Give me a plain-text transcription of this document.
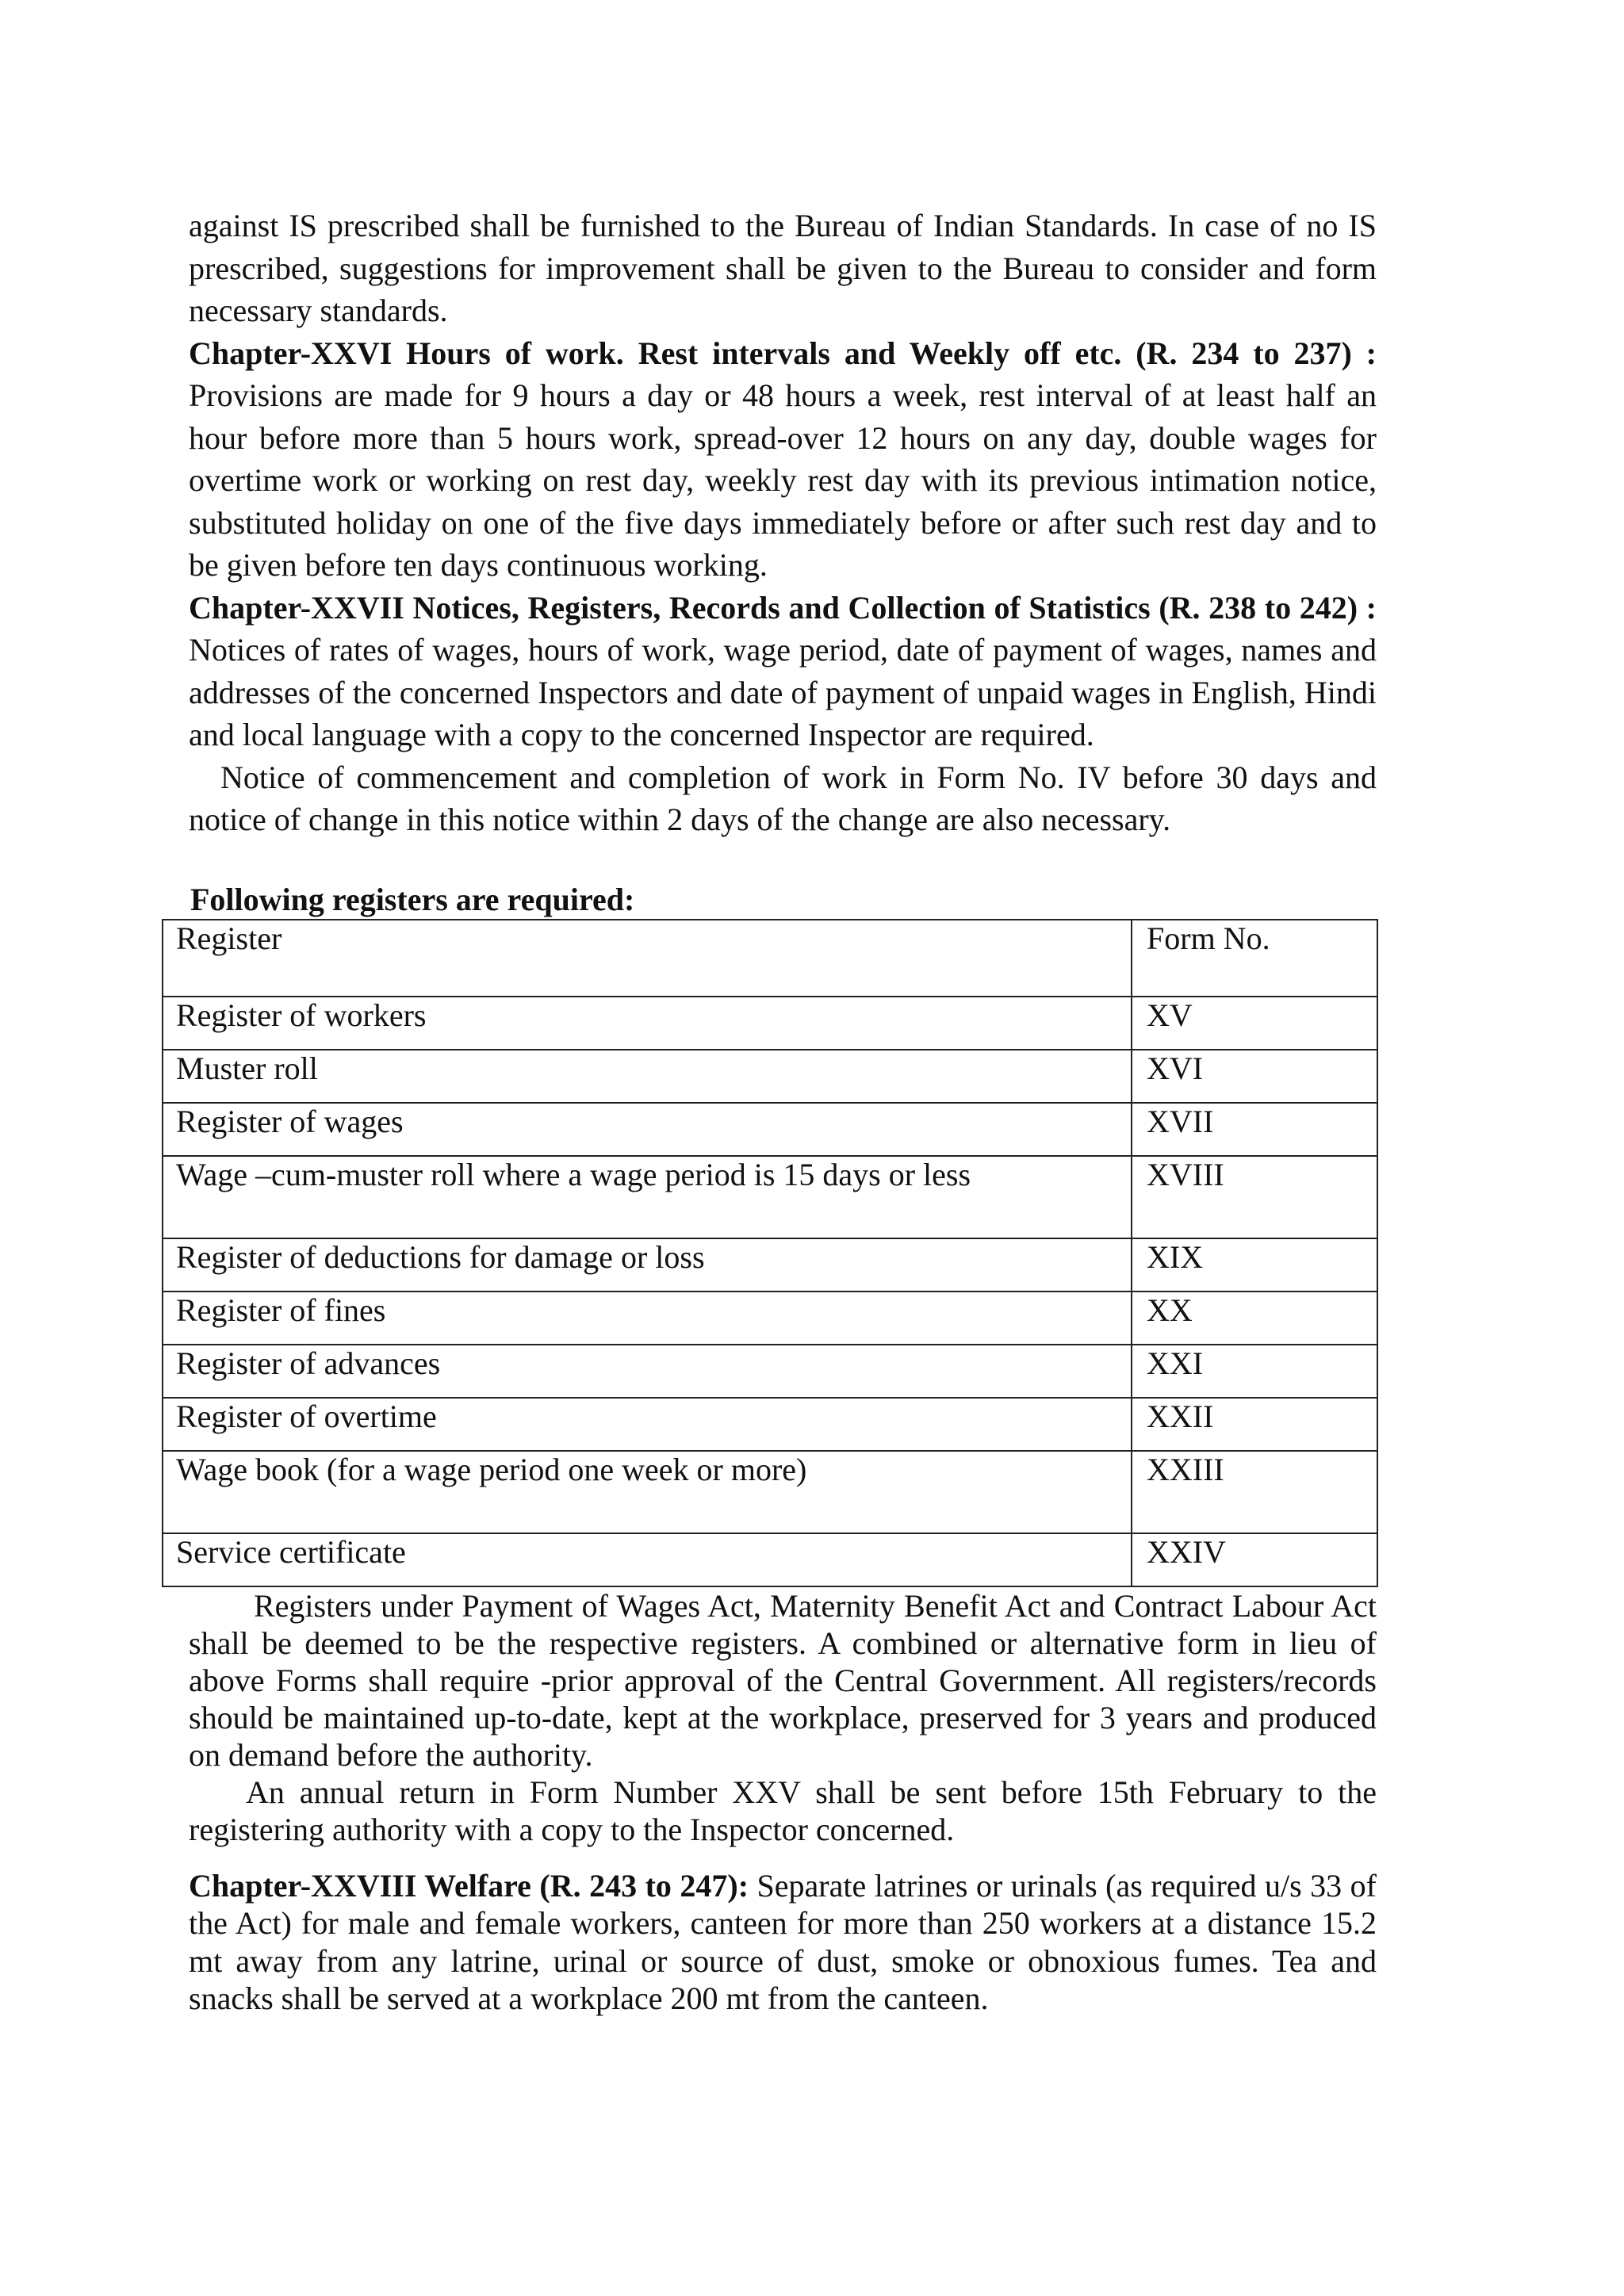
against IS prescribed shall be furnished to the Bureau of Indian Standards. In case of no IS prescribed, suggestions for improvement shall be given to the Bureau to consider and form necessary standards.

Chapter-XXVI Hours of work. Rest intervals and Weekly off etc. (R. 234 to 237) : Provisions are made for 9 hours a day or 48 hours a week, rest interval of at least half an hour before more than 5 hours work, spread-over 12 hours on any day, double wages for overtime work or working on rest day, weekly rest day with its previous intimation notice, substituted holiday on one of the five days immediately before or after such rest day and to be given before ten days continuous working.

Chapter-XXVII Notices, Registers, Records and Collection of Statistics (R. 238 to 242) : Notices of rates of wages, hours of work, wage period, date of payment of wages, names and addresses of the concerned Inspectors and date of payment of unpaid wages in English, Hindi and local language with a copy to the concerned Inspector are required.

Notice of commencement and completion of work in Form No. IV before 30 days and notice of change in this notice within 2 days of the change are also necessary.

Following registers are required:

Register	Form No.
Register of workers	XV
Muster roll	XVI
Register of wages	XVII
Wage –cum-muster roll where a wage period is 15 days or less	XVIII
Register of deductions for damage or loss	XIX
Register of fines	XX
Register of advances	XXI
Register of overtime	XXII
Wage book (for a wage period one week or more)	XXIII
Service certificate	XXIV

Registers under Payment of Wages Act, Maternity Benefit Act and Contract Labour Act shall be deemed to be the respective registers. A combined or alternative form in lieu of above Forms shall require -prior approval of the Central Government. All registers/records should be maintained up-to-date, kept at the workplace, preserved for 3 years and produced on demand before the authority.

An annual return in Form Number XXV shall be sent before 15th February to the registering authority with a copy to the Inspector concerned.

Chapter-XXVIII Welfare (R. 243 to 247): Separate latrines or urinals (as required u/s 33 of the Act) for male and female workers, canteen for more than 250 workers at a distance 15.2 mt away from any latrine, urinal or source of dust, smoke or obnoxious fumes. Tea and snacks shall be served at a workplace 200 mt from the canteen.
